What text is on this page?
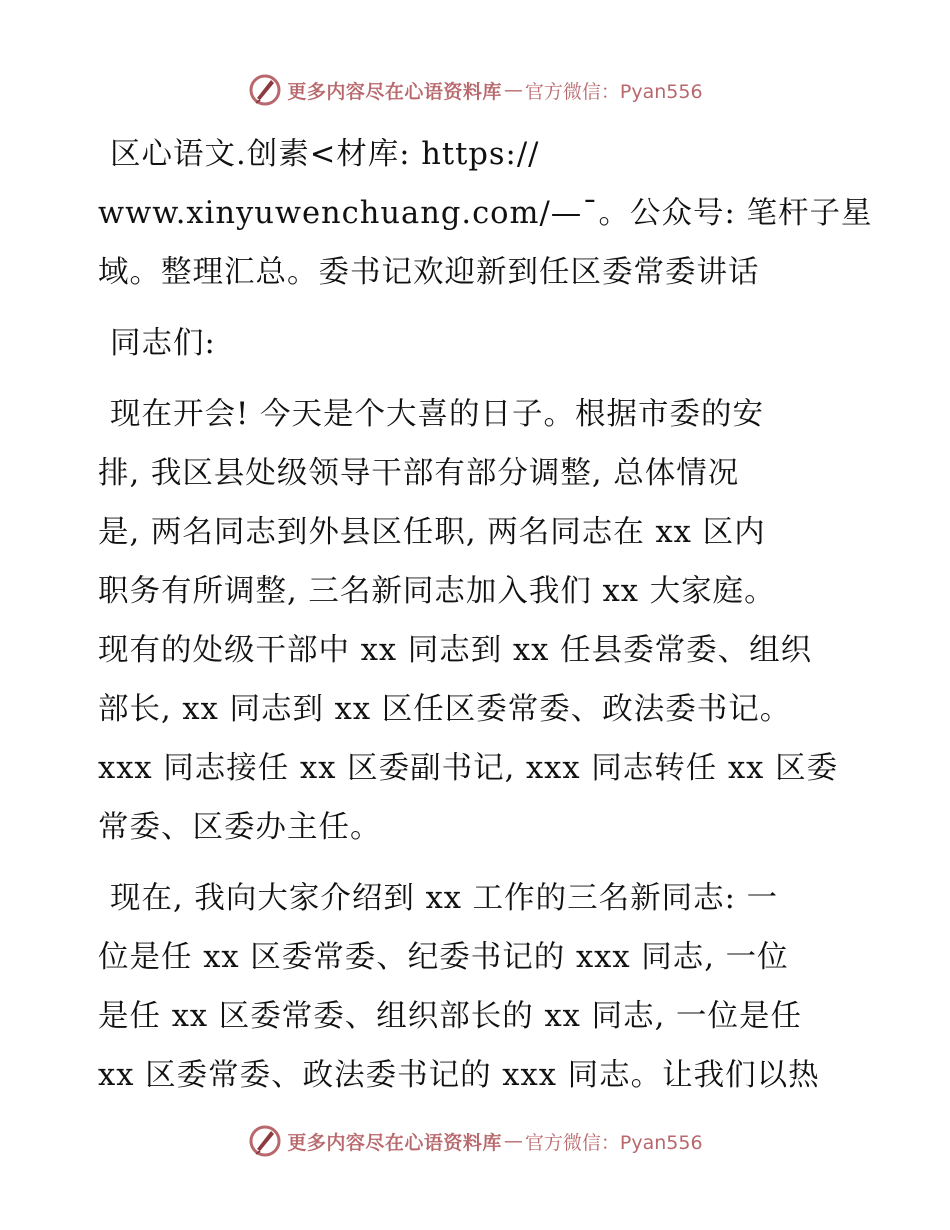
更多内容尽在心语资料库 — 官方微信：Pyan556

区心语文.创素<材库: https://
www.xinyuwenchuang.com/—¯。公众号: 笔杆子星
域。整理汇总。委书记欢迎新到任区委常委讲话

同志们:

现在开会! 今天是个大喜的日子。根据市委的安
排, 我区县处级领导干部有部分调整, 总体情况
是, 两名同志到外县区任职, 两名同志在 xx 区内
职务有所调整, 三名新同志加入我们 xx 大家庭。
现有的处级干部中 xx 同志到 xx 任县委常委、组织
部长, xx 同志到 xx 区任区委常委、政法委书记。
xxx 同志接任 xx 区委副书记, xxx 同志转任 xx 区委
常委、区委办主任。

现在, 我向大家介绍到 xx 工作的三名新同志: 一
位是任 xx 区委常委、纪委书记的 xxx 同志, 一位
是任 xx 区委常委、组织部长的 xx 同志, 一位是任
xx 区委常委、政法委书记的 xxx 同志。让我们以热

更多内容尽在心语资料库 — 官方微信：Pyan556
